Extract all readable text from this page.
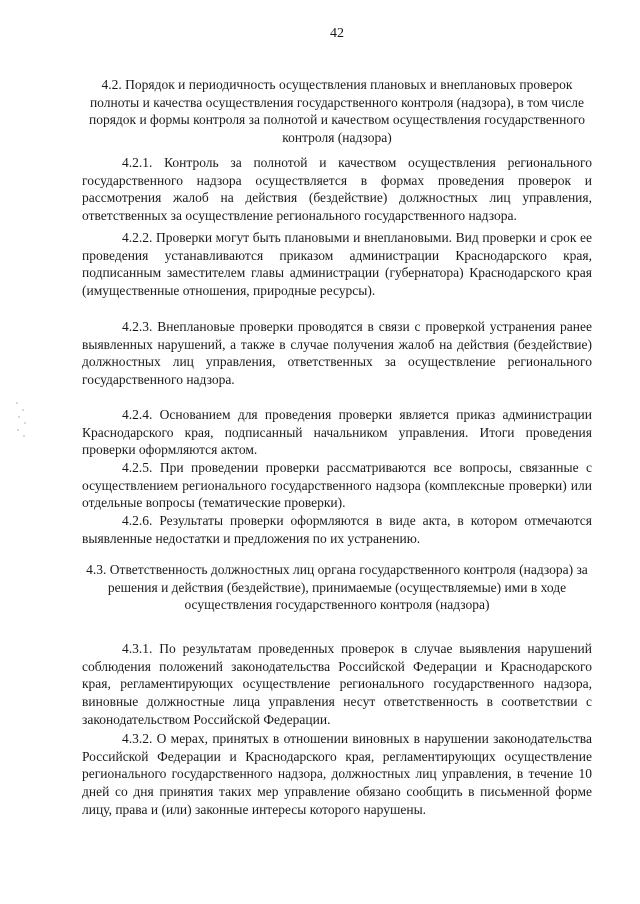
42
4.2. Порядок и периодичность осуществления плановых и внеплановых проверок полноты и качества осуществления государственного контроля (надзора), в том числе порядок и формы контроля за полнотой и качеством осуществления государственного контроля (надзора)

4.2.1. Контроль за полнотой и качеством осуществления регионального государственного надзора осуществляется в формах проведения проверок и рассмотрения жалоб на действия (бездействие) должностных лиц управления, ответственных за осуществление регионального государственного надзора.

4.2.2. Проверки могут быть плановыми и внеплановыми. Вид проверки и срок ее проведения устанавливаются приказом администрации Краснодарского края, подписанным заместителем главы администрации (губернатора) Краснодарского края (имущественные отношения, природные ресурсы).

4.2.3. Внеплановые проверки проводятся в связи с проверкой устранения ранее выявленных нарушений, а также в случае получения жалоб на действия (бездействие) должностных лиц управления, ответственных за осуществление регионального государственного надзора.

4.2.4. Основанием для проведения проверки является приказ администрации Краснодарского края, подписанный начальником управления. Итоги проведения проверки оформляются актом.

4.2.5. При проведении проверки рассматриваются все вопросы, связанные с осуществлением регионального государственного надзора (комплексные проверки) или отдельные вопросы (тематические проверки).

4.2.6. Результаты проверки оформляются в виде акта, в котором отмечаются выявленные недостатки и предложения по их устранению.

4.3. Ответственность должностных лиц органа государственного контроля (надзора) за решения и действия (бездействие), принимаемые (осуществляемые) ими в ходе осуществления государственного контроля (надзора)

4.3.1. По результатам проведенных проверок в случае выявления нарушений соблюдения положений законодательства Российской Федерации и Краснодарского края, регламентирующих осуществление регионального государственного надзора, виновные должностные лица управления несут ответственность в соответствии с законодательством Российской Федерации.

4.3.2. О мерах, принятых в отношении виновных в нарушении законодательства Российской Федерации и Краснодарского края, регламентирующих осуществление регионального государственного надзора, должностных лиц управления, в течение 10 дней со дня принятия таких мер управление обязано сообщить в письменной форме лицу, права и (или) законные интересы которого нарушены.
